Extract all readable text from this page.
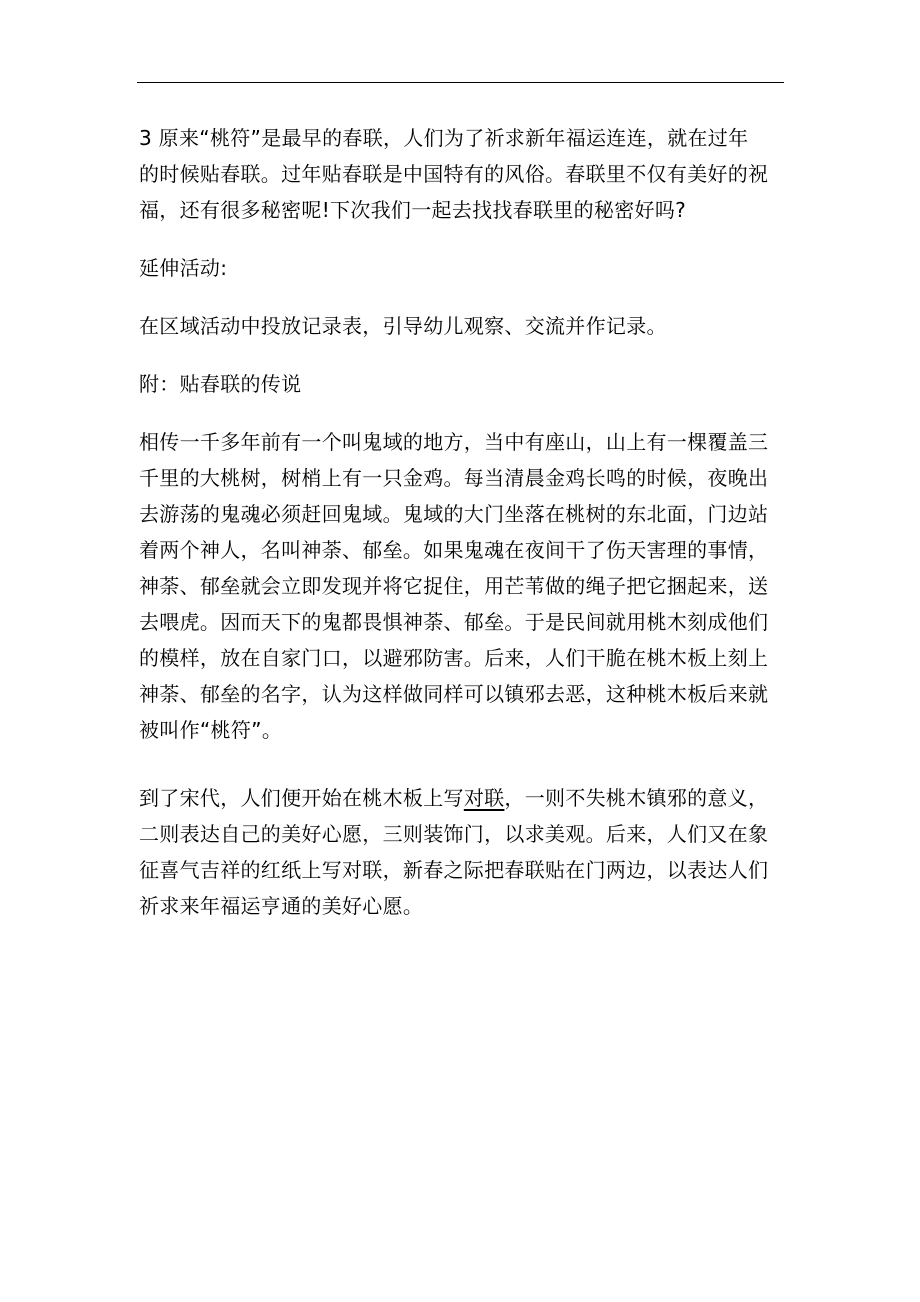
3 原来“桃符”是最早的春联，人们为了祈求新年福运连连，就在过年
的时候贴春联。过年贴春联是中国特有的风俗。春联里不仅有美好的祝
福，还有很多秘密呢!下次我们一起去找找春联里的秘密好吗?

延伸活动:

在区域活动中投放记录表，引导幼儿观察、交流并作记录。

附：贴春联的传说

相传一千多年前有一个叫鬼域的地方，当中有座山，山上有一棵覆盖三
千里的大桃树，树梢上有一只金鸡。每当清晨金鸡长鸣的时候，夜晚出
去游荡的鬼魂必须赶回鬼域。鬼域的大门坐落在桃树的东北面，门边站
着两个神人，名叫神荼、郁垒。如果鬼魂在夜间干了伤天害理的事情，
神荼、郁垒就会立即发现并将它捉住，用芒苇做的绳子把它捆起来，送
去喂虎。因而天下的鬼都畏惧神荼、郁垒。于是民间就用桃木刻成他们
的模样，放在自家门口，以避邪防害。后来，人们干脆在桃木板上刻上
神荼、郁垒的名字，认为这样做同样可以镇邪去恶，这种桃木板后来就
被叫作“桃符”。

到了宋代，人们便开始在桃木板上写对联，一则不失桃木镇邪的意义，
二则表达自己的美好心愿，三则装饰门，以求美观。后来，人们又在象
征喜气吉祥的红纸上写对联，新春之际把春联贴在门两边，以表达人们
祈求来年福运亨通的美好心愿。
